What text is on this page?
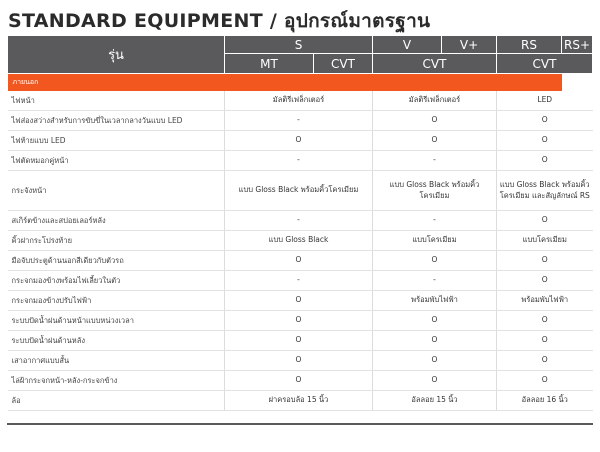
STANDARD EQUIPMENT / อุปกรณ์มาตรฐาน
รุ่น	S		V	V+	RS	RS+
	MT	CVT	CVT		CVT	
ภายนอก						
ไฟหน้า	มัลติรีเฟล็กเตอร์		มัลติรีเฟล็กเตอร์		LED	
ไฟส่องสว่างสำหรับการขับขี่ในเวลากลางวันแบบ LED	-		O		O	
ไฟท้ายแบบ LED	O		O		O	
ไฟตัดหมอกคู่หน้า	-		-		O	
กระจังหน้า	แบบ Gloss Black พร้อมคิ้วโครเมียม		แบบ Gloss Black พร้อมคิ้วโครเมียม		แบบ Gloss Black พร้อมคิ้วโครเมียม และสัญลักษณ์ RS	
สเกิร์ตข้างและสปอยเลอร์หลัง	-		-		O	
คิ้วฝากระโปรงท้าย	แบบ Gloss Black		แบบโครเมียม		แบบโครเมียม	
มือจับประตูด้านนอกสีเดียวกับตัวรถ	O		O		O	
กระจกมองข้างพร้อมไฟเลี้ยวในตัว	-		-		O	
กระจกมองข้างปรับไฟฟ้า	O		พร้อมพับไฟฟ้า		พร้อมพับไฟฟ้า	
ระบบปัดน้ำฝนด้านหน้าแบบหน่วงเวลา	O		O		O	
ระบบปัดน้ำฝนด้านหลัง	O		O		O	
เสาอากาศแบบสั้น	O		O		O	
ไล่ฝ้ากระจกหน้า-หลัง-กระจกข้าง	O		O		O	
ล้อ	ฝาครอบล้อ 15 นิ้ว		อัลลอย 15 นิ้ว		อัลลอย 16 นิ้ว	
